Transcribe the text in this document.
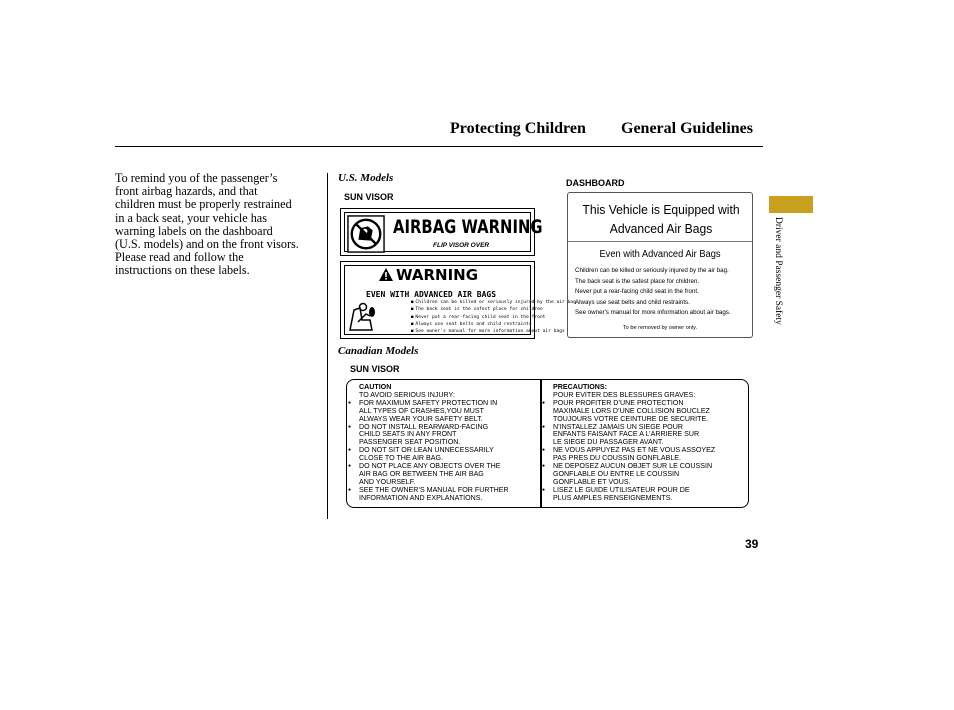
Protecting Children General Guidelines
To remind you of the passenger’s
front airbag hazards, and that
children must be properly restrained
in a back seat, your vehicle has
warning labels on the dashboard
(U.S. models) and on the front visors.
Please read and follow the
instructions on these labels.
U.S. Models
SUN VISOR
DASHBOARD
AIRBAG WARNING
FLIP VISOR OVER
WARNING
EVEN WITH ADVANCED AIR BAGS
■ Children can be killed or seriously injured by the air bag
■ The back seat is the safest place for children
■ Never put a rear-facing child seat in the front
■ Always use seat belts and child restraints
■ See owner's manual for more information about air bags
This Vehicle is Equipped with
Advanced Air Bags
Even with Advanced Air Bags
Children can be killed or seriously injured by the air bag.
The back seat is the safest place for children.
Never put a rear-facing child seat in the front.
Always use seat belts and child restraints.
See owner's manual for more information about air bags.
To be removed by owner only.
Canadian Models
SUN VISOR
CAUTION
TO AVOID SERIOUS INJURY:
● FOR MAXIMUM SAFETY PROTECTION IN
ALL TYPES OF CRASHES,YOU MUST
ALWAYS WEAR YOUR SAFETY BELT.
● DO NOT INSTALL REARWARD-FACING
CHILD SEATS IN ANY FRONT
PASSENGER SEAT POSITION.
● DO NOT SIT OR LEAN UNNECESSARILY
CLOSE TO THE AIR BAG.
● DO NOT PLACE ANY OBJECTS OVER THE
AIR BAG OR BETWEEN THE AIR BAG
AND YOURSELF.
● SEE THE OWNER’S MANUAL FOR FURTHER
INFORMATION AND EXPLANATIONS.
PRECAUTIONS:
POUR EVITER DES BLESSURES GRAVES:
● POUR PROFITER D’UNE PROTECTION
MAXIMALE LORS D’UNE COLLISION BOUCLEZ
TOUJOURS VOTRE CEINTURE DE SECURITE.
● N’INSTALLEZ JAMAIS UN SIEGE POUR
ENFANTS FAISANT FACE A L’ARRIERE SUR
LE SIEGE DU PASSAGER AVANT.
● NE VOUS APPUYEZ PAS ET NE VOUS ASSOYEZ
PAS PRES DU COUSSIN GONFLABLE.
● NE DEPOSEZ AUCUN OBJET SUR LE COUSSIN
GONFLABLE OU ENTRE LE COUSSIN
GONFLABLE ET VOUS.
● LISEZ LE GUIDE UTILISATEUR POUR DE
PLUS AMPLES RENSEIGNEMENTS.
Driver and Passenger Safety
39
